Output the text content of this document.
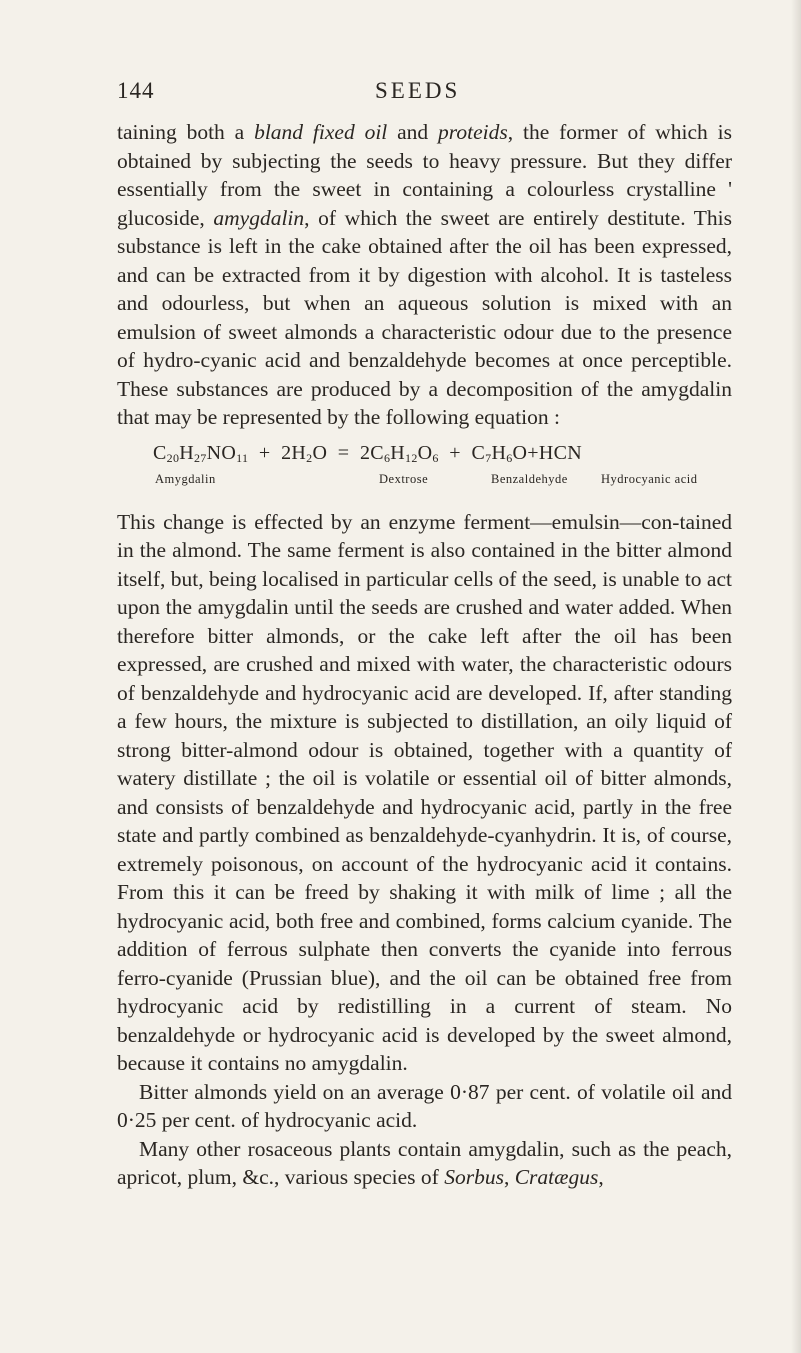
144	SEEDS

taining both a bland fixed oil and proteids, the former of which is obtained by subjecting the seeds to heavy pressure. But they differ essentially from the sweet in containing a colourless crystalline ' glucoside, amygdalin, of which the sweet are entirely destitute. This substance is left in the cake obtained after the oil has been expressed, and can be extracted from it by digestion with alcohol. It is tasteless and odourless, but when an aqueous solution is mixed with an emulsion of sweet almonds a characteristic odour due to the presence of hydro-cyanic acid and benzaldehyde becomes at once perceptible. These substances are produced by a decomposition of the amygdalin that may be represented by the following equation :

$C_{20}H_{27}NO_{11} + 2H_2O = 2C_6H_{12}O_6 + C_7H_6O+HCN$
Amygdalin	Dextrose	Benzaldehyde	Hydrocyanic acid

This change is effected by an enzyme ferment—emulsin—con-tained in the almond. The same ferment is also contained in the bitter almond itself, but, being localised in particular cells of the seed, is unable to act upon the amygdalin until the seeds are crushed and water added. When therefore bitter almonds, or the cake left after the oil has been expressed, are crushed and mixed with water, the characteristic odours of benzaldehyde and hydrocyanic acid are developed. If, after standing a few hours, the mixture is subjected to distillation, an oily liquid of strong bitter-almond odour is obtained, together with a quantity of watery distillate ; the oil is volatile or essential oil of bitter almonds, and consists of benzaldehyde and hydrocyanic acid, partly in the free state and partly combined as benzaldehyde-cyanhydrin. It is, of course, extremely poisonous, on account of the hydrocyanic acid it contains. From this it can be freed by shaking it with milk of lime ; all the hydrocyanic acid, both free and combined, forms calcium cyanide. The addition of ferrous sulphate then converts the cyanide into ferrous ferro-cyanide (Prussian blue), and the oil can be obtained free from hydrocyanic acid by redistilling in a current of steam. No benzaldehyde or hydrocyanic acid is developed by the sweet almond, because it contains no amygdalin.

Bitter almonds yield on an average 0·87 per cent. of volatile oil and 0·25 per cent. of hydrocyanic acid.

Many other rosaceous plants contain amygdalin, such as the peach, apricot, plum, &c., various species of Sorbus, Cratægus,
